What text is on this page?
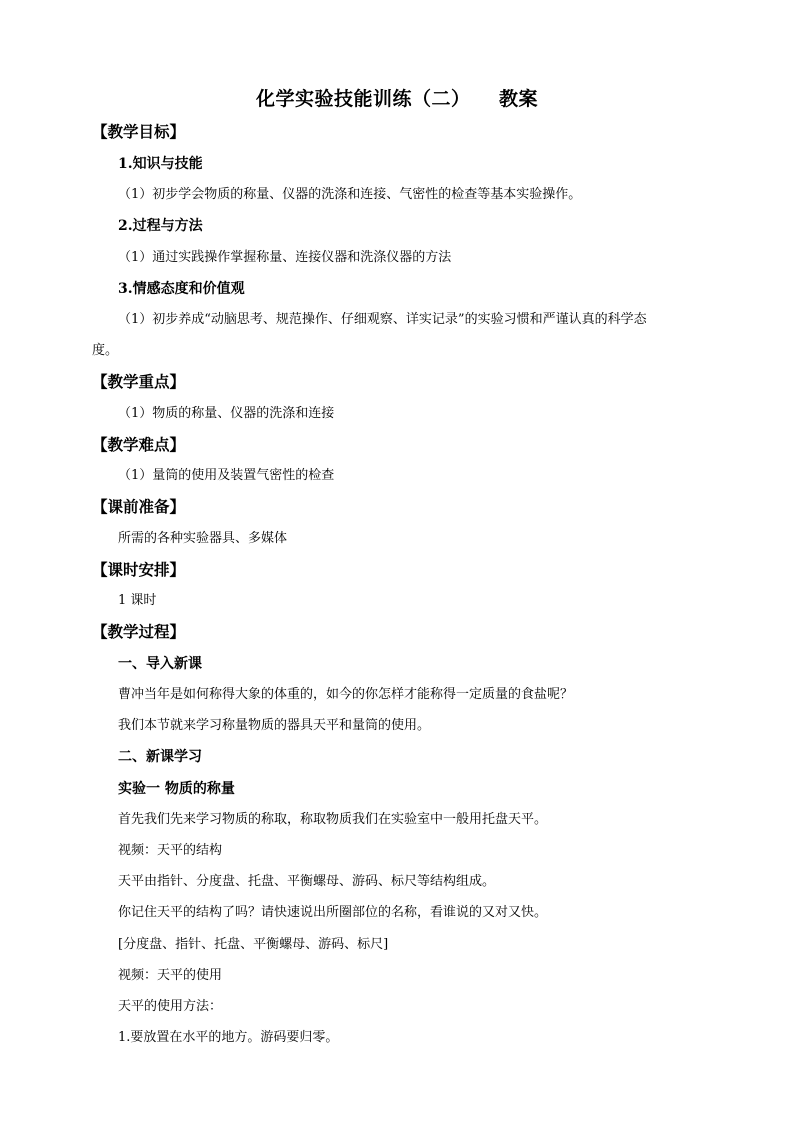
化学实验技能训练（二）    教案
【教学目标】
1.知识与技能
（1）初步学会物质的称量、仪器的洗涤和连接、气密性的检查等基本实验操作。
2.过程与方法
（1）通过实践操作掌握称量、连接仪器和洗涤仪器的方法
3.情感态度和价值观
（1）初步养成“动脑思考、规范操作、仔细观察、详实记录”的实验习惯和严谨认真的科学态
度。
【教学重点】
（1）物质的称量、仪器的洗涤和连接
【教学难点】
（1）量筒的使用及装置气密性的检查
【课前准备】
所需的各种实验器具、多媒体
【课时安排】
1 课时
【教学过程】
一、导入新课
曹冲当年是如何称得大象的体重的，如今的你怎样才能称得一定质量的食盐呢？
我们本节就来学习称量物质的器具天平和量筒的使用。
二、新课学习
实验一 物质的称量
首先我们先来学习物质的称取，称取物质我们在实验室中一般用托盘天平。
视频：天平的结构
天平由指针、分度盘、托盘、平衡螺母、游码、标尺等结构组成。
你记住天平的结构了吗？请快速说出所圈部位的名称，看谁说的又对又快。
[分度盘、指针、托盘、平衡螺母、游码、标尺]
视频：天平的使用
天平的使用方法：
1.要放置在水平的地方。游码要归零。
